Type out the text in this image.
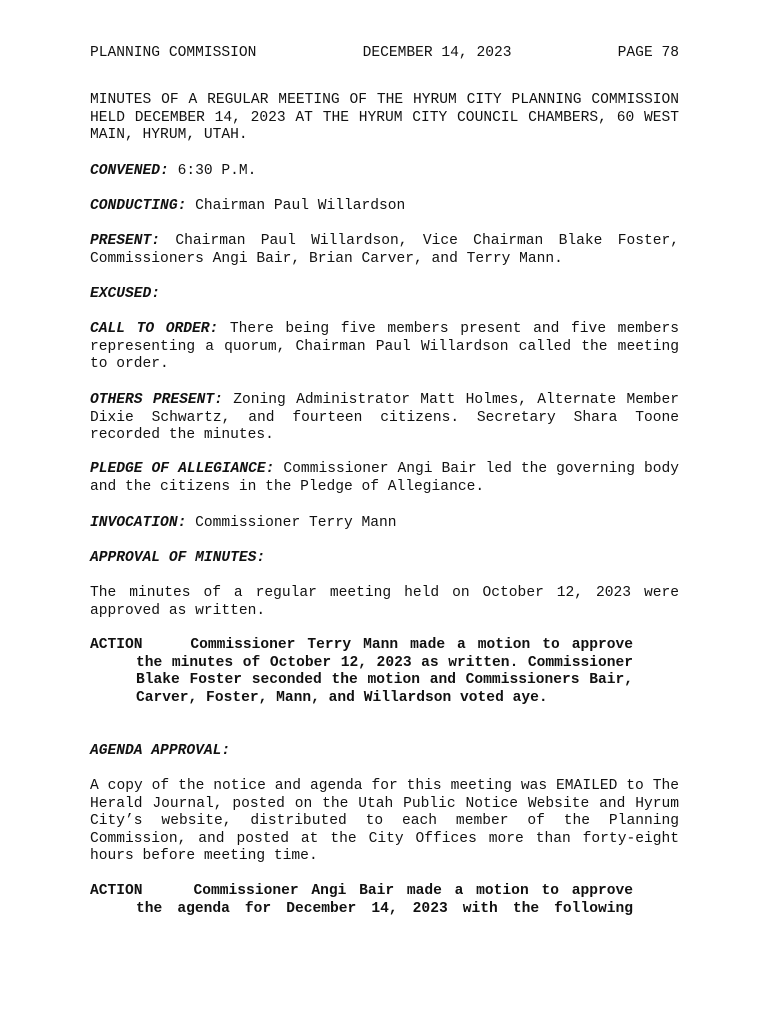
PLANNING COMMISSION	DECEMBER 14, 2023	PAGE 78
MINUTES OF A REGULAR MEETING OF THE HYRUM CITY PLANNING COMMISSION HELD DECEMBER 14, 2023 AT THE HYRUM CITY COUNCIL CHAMBERS, 60 WEST MAIN, HYRUM, UTAH.
CONVENED: 6:30 P.M.
CONDUCTING: Chairman Paul Willardson
PRESENT: Chairman Paul Willardson, Vice Chairman Blake Foster, Commissioners Angi Bair, Brian Carver, and Terry Mann.
EXCUSED:
CALL TO ORDER: There being five members present and five members representing a quorum, Chairman Paul Willardson called the meeting to order.
OTHERS PRESENT: Zoning Administrator Matt Holmes, Alternate Member Dixie Schwartz, and fourteen citizens. Secretary Shara Toone recorded the minutes.
PLEDGE OF ALLEGIANCE: Commissioner Angi Bair led the governing body and the citizens in the Pledge of Allegiance.
INVOCATION: Commissioner Terry Mann
APPROVAL OF MINUTES:
The minutes of a regular meeting held on October 12, 2023 were approved as written.
ACTION	Commissioner Terry Mann made a motion to approve
the minutes of October 12, 2023 as written. Commissioner Blake Foster seconded the motion and Commissioners Bair, Carver, Foster, Mann, and Willardson voted aye.
AGENDA APPROVAL:
A copy of the notice and agenda for this meeting was EMAILED to The Herald Journal, posted on the Utah Public Notice Website and Hyrum City’s website, distributed to each member of the Planning Commission, and posted at the City Offices more than forty-eight hours before meeting time.
ACTION	Commissioner Angi Bair made a motion to approve
the agenda for December 14, 2023 with the following
